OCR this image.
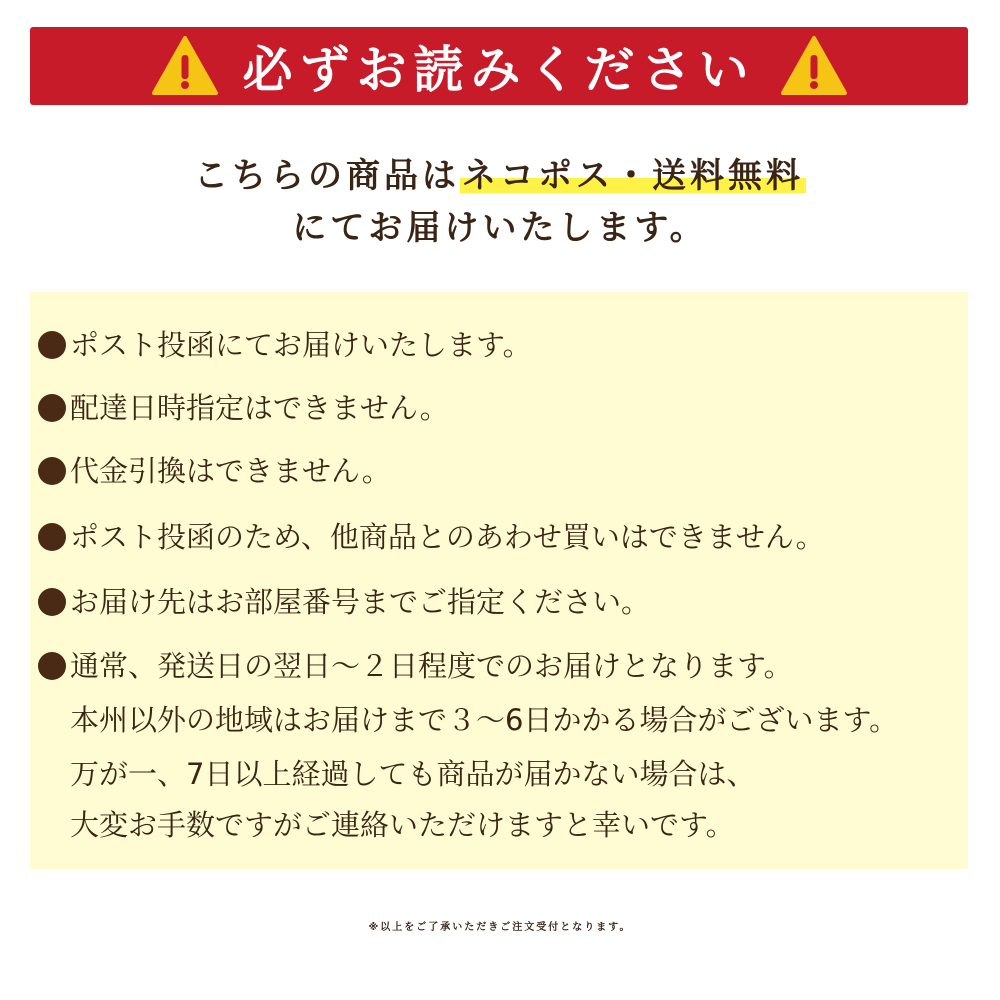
必ずお読みください
こちらの商品はネコポス・送料無料
にてお届けいたします。
ポスト投函にてお届けいたします。
配達日時指定はできません。
代金引換はできません。
ポスト投函のため、他商品とのあわせ買いはできません。
お届け先はお部屋番号までご指定ください。
通常、発送日の翌日～２日程度でのお届けとなります。
本州以外の地域はお届けまで３～6日かかる場合がございます。
万が一、7日以上経過しても商品が届かない場合は、
大変お手数ですがご連絡いただけますと幸いです。
※以上をご了承いただきご注文受付となります。
